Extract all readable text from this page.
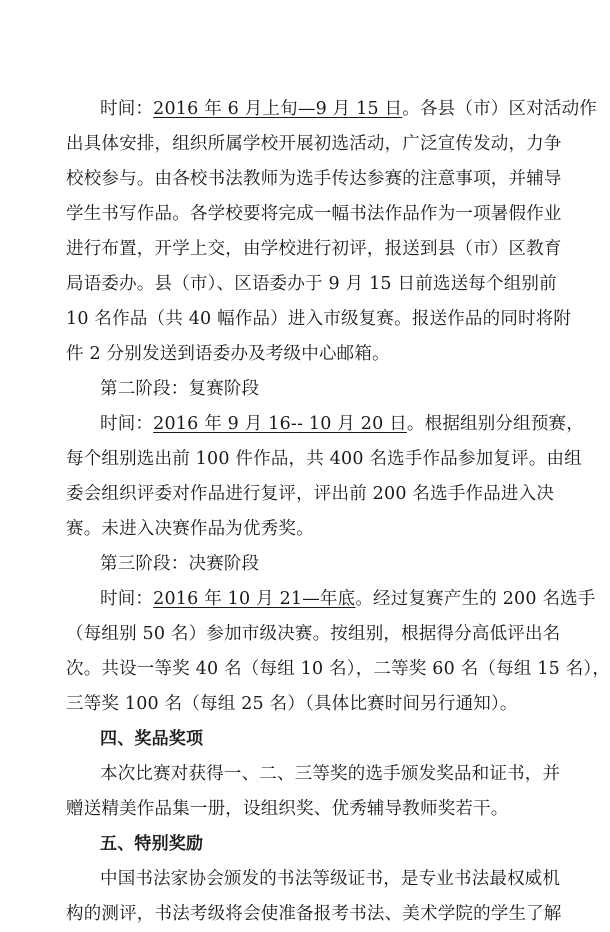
时间：2016 年 6 月上旬—9 月 15 日。各县（市）区对活动作
出具体安排，组织所属学校开展初选活动，广泛宣传发动，力争
校校参与。由各校书法教师为选手传达参赛的注意事项，并辅导
学生书写作品。各学校要将完成一幅书法作品作为一项暑假作业
进行布置，开学上交，由学校进行初评，报送到县（市）区教育
局语委办。县（市）、区语委办于 9 月 15 日前选送每个组别前
10 名作品（共 40 幅作品）进入市级复赛。报送作品的同时将附
件 2 分别发送到语委办及考级中心邮箱。
第二阶段：复赛阶段
时间：2016 年 9 月 16-- 10 月 20 日。根据组别分组预赛，
每个组别选出前 100 件作品，共 400 名选手作品参加复评。由组
委会组织评委对作品进行复评，评出前 200 名选手作品进入决
赛。未进入决赛作品为优秀奖。
第三阶段：决赛阶段
时间：2016 年 10 月 21—年底。经过复赛产生的 200 名选手
（每组别 50 名）参加市级决赛。按组别，根据得分高低评出名
次。共设一等奖 40 名（每组 10 名），二等奖 60 名（每组 15 名），
三等奖 100 名（每组 25 名）（具体比赛时间另行通知）。
四、奖品奖项
本次比赛对获得一、二、三等奖的选手颁发奖品和证书，并
赠送精美作品集一册，设组织奖、优秀辅导教师奖若干。
五、特别奖励
中国书法家协会颁发的书法等级证书，是专业书法最权威机
构的测评，书法考级将会使准备报考书法、美术学院的学生了解
